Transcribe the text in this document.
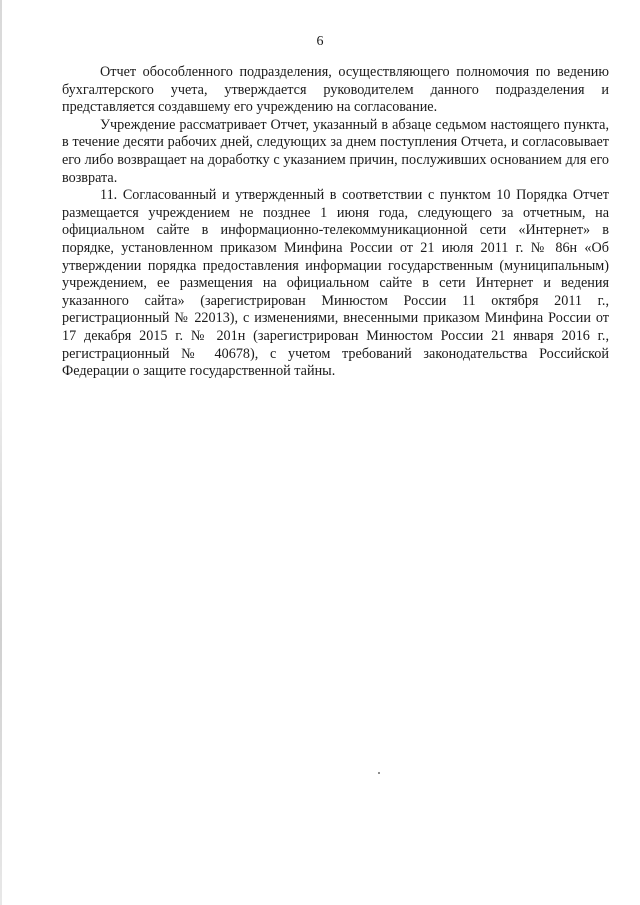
6

Отчет обособленного подразделения, осуществляющего полномочия по ведению бухгалтерского учета, утверждается руководителем данного подразделения и представляется создавшему его учреждению на согласование.

Учреждение рассматривает Отчет, указанный в абзаце седьмом настоящего пункта, в течение десяти рабочих дней, следующих за днем поступления Отчета, и согласовывает его либо возвращает на доработку с указанием причин, послуживших основанием для его возврата.

11. Согласованный и утвержденный в соответствии с пунктом 10 Порядка Отчет размещается учреждением не позднее 1 июня года, следующего за отчетным, на официальном сайте в информационно-телекоммуникационной сети «Интернет» в порядке, установленном приказом Минфина России от 21 июля 2011 г. № 86н «Об утверждении порядка предоставления информации государственным (муниципальным) учреждением, ее размещения на официальном сайте в сети Интернет и ведения указанного сайта» (зарегистрирован Минюстом России 11 октября 2011 г., регистрационный № 22013), с изменениями, внесенными приказом Минфина России от 17 декабря 2015 г. № 201н (зарегистрирован Минюстом России 21 января 2016 г., регистрационный № 40678), с учетом требований законодательства Российской Федерации о защите государственной тайны.
